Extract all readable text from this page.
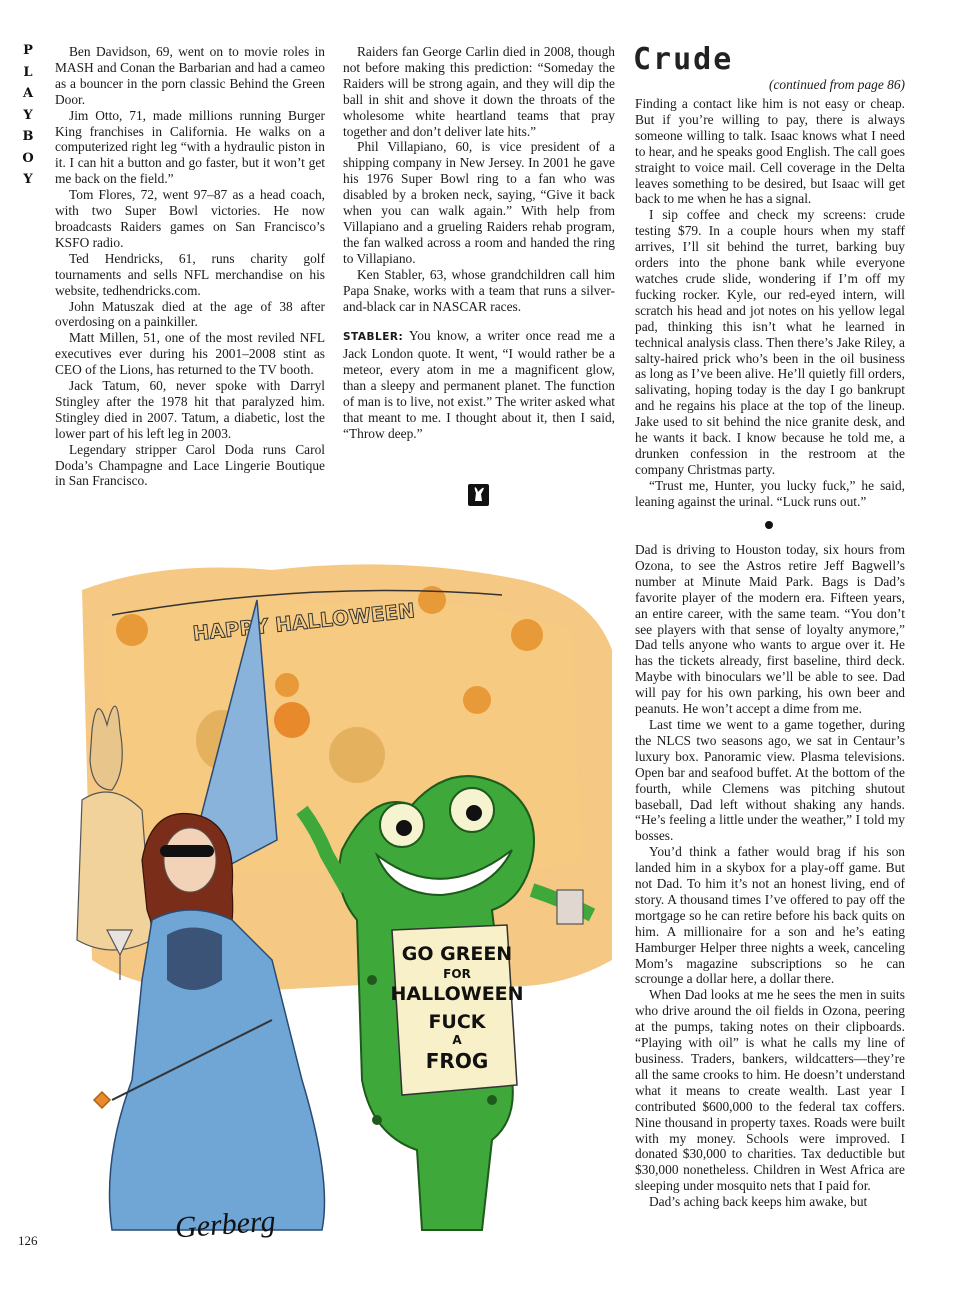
P
L
A
Y
B
O
Y

Ben Davidson, 69, went on to movie roles in MASH and Conan the Barbarian and had a cameo as a bouncer in the porn classic Behind the Green Door.

Jim Otto, 71, made millions running Burger King franchises in California. He walks on a computerized right leg “with a hydraulic piston in it. I can hit a button and go faster, but it won’t get me back on the field.”

Tom Flores, 72, went 97–87 as a head coach, with two Super Bowl victories. He now broadcasts Raiders games on San Francisco’s KSFO radio.

Ted Hendricks, 61, runs charity golf tournaments and sells NFL merchandise on his website, tedhendricks.com.

John Matuszak died at the age of 38 after overdosing on a painkiller.

Matt Millen, 51, one of the most reviled NFL executives ever during his 2001–2008 stint as CEO of the Lions, has returned to the TV booth.

Jack Tatum, 60, never spoke with Darryl Stingley after the 1978 hit that paralyzed him. Stingley died in 2007. Tatum, a diabetic, lost the lower part of his left leg in 2003.

Legendary stripper Carol Doda runs Carol Doda’s Champagne and Lace Lingerie Boutique in San Francisco.

Raiders fan George Carlin died in 2008, though not before making this prediction: “Someday the Raiders will be strong again, and they will dip the ball in shit and shove it down the throats of the wholesome white heartland teams that pray together and don’t deliver late hits.”

Phil Villapiano, 60, is vice president of a shipping company in New Jersey. In 2001 he gave his 1976 Super Bowl ring to a fan who was disabled by a broken neck, saying, “Give it back when you can walk again.” With help from Villapiano and a grueling Raiders rehab program, the fan walked across a room and handed the ring to Villapiano.

Ken Stabler, 63, whose grandchildren call him Papa Snake, works with a team that runs a silver-and-black car in NASCAR races.

STABLER: You know, a writer once read me a Jack London quote. It went, “I would rather be a meteor, every atom in me a magnificent glow, than a sleepy and permanent planet. The function of man is to live, not exist.” The writer asked what that meant to me. I thought about it, then I said, “Throw deep.”

Crude
(continued from page 86)

Finding a contact like him is not easy or cheap. But if you’re willing to pay, there is always someone willing to talk. Isaac knows what I need to hear, and he speaks good English. The call goes straight to voice mail. Cell coverage in the Delta leaves something to be desired, but Isaac will get back to me when he has a signal.

I sip coffee and check my screens: crude testing $79. In a couple hours when my staff arrives, I’ll sit behind the turret, barking buy orders into the phone bank while everyone watches crude slide, wondering if I’m off my fucking rocker. Kyle, our red-eyed intern, will scratch his head and jot notes on his yellow legal pad, thinking this isn’t what he learned in technical analysis class. Then there’s Jake Riley, a salty-haired prick who’s been in the oil business as long as I’ve been alive. He’ll quietly fill orders, salivating, hoping today is the day I go bankrupt and he regains his place at the top of the lineup. Jake used to sit behind the nice granite desk, and he wants it back. I know because he told me, a drunken confession in the restroom at the company Christmas party.

“Trust me, Hunter, you lucky fuck,” he said, leaning against the urinal. “Luck runs out.”

Dad is driving to Houston today, six hours from Ozona, to see the Astros retire Jeff Bagwell’s number at Minute Maid Park. Bags is Dad’s favorite player of the modern era. Fifteen years, an entire career, with the same team. “You don’t see players with that sense of loyalty anymore,” Dad tells anyone who wants to argue over it. He has the tickets already, first baseline, third deck. Maybe with binoculars we’ll be able to see. Dad will pay for his own parking, his own beer and peanuts. He won’t accept a dime from me.

Last time we went to a game together, during the NLCS two seasons ago, we sat in Centaur’s luxury box. Panoramic view. Plasma televisions. Open bar and seafood buffet. At the bottom of the fourth, while Clemens was pitching shutout baseball, Dad left without shaking any hands. “He’s feeling a little under the weather,” I told my bosses.

You’d think a father would brag if his son landed him in a skybox for a play-off game. But not Dad. To him it’s not an honest living, end of story. A thousand times I’ve offered to pay off the mortgage so he can retire before his back quits on him. A millionaire for a son and he’s eating Hamburger Helper three nights a week, canceling Mom’s magazine subscriptions so he can scrounge a dollar here, a dollar there.

When Dad looks at me he sees the men in suits who drive around the oil fields in Ozona, peering at the pumps, taking notes on their clipboards. “Playing with oil” is what he calls my line of business. Traders, bankers, wildcatters—they’re all the same crooks to him. He doesn’t understand what it means to create wealth. Last year I contributed $600,000 to the federal tax coffers. Nine thousand in property taxes. Roads were built with my money. Schools were improved. I donated $30,000 to charities. Tax deductible but $30,000 nonetheless. Children in West Africa are sleeping under mosquito nets that I paid for.

Dad’s aching back keeps him awake, but

HAPPY HALLOWEEN
GO GREEN
FOR
HALLOWEEN
FUCK
A
FROG
Gerberg
126
